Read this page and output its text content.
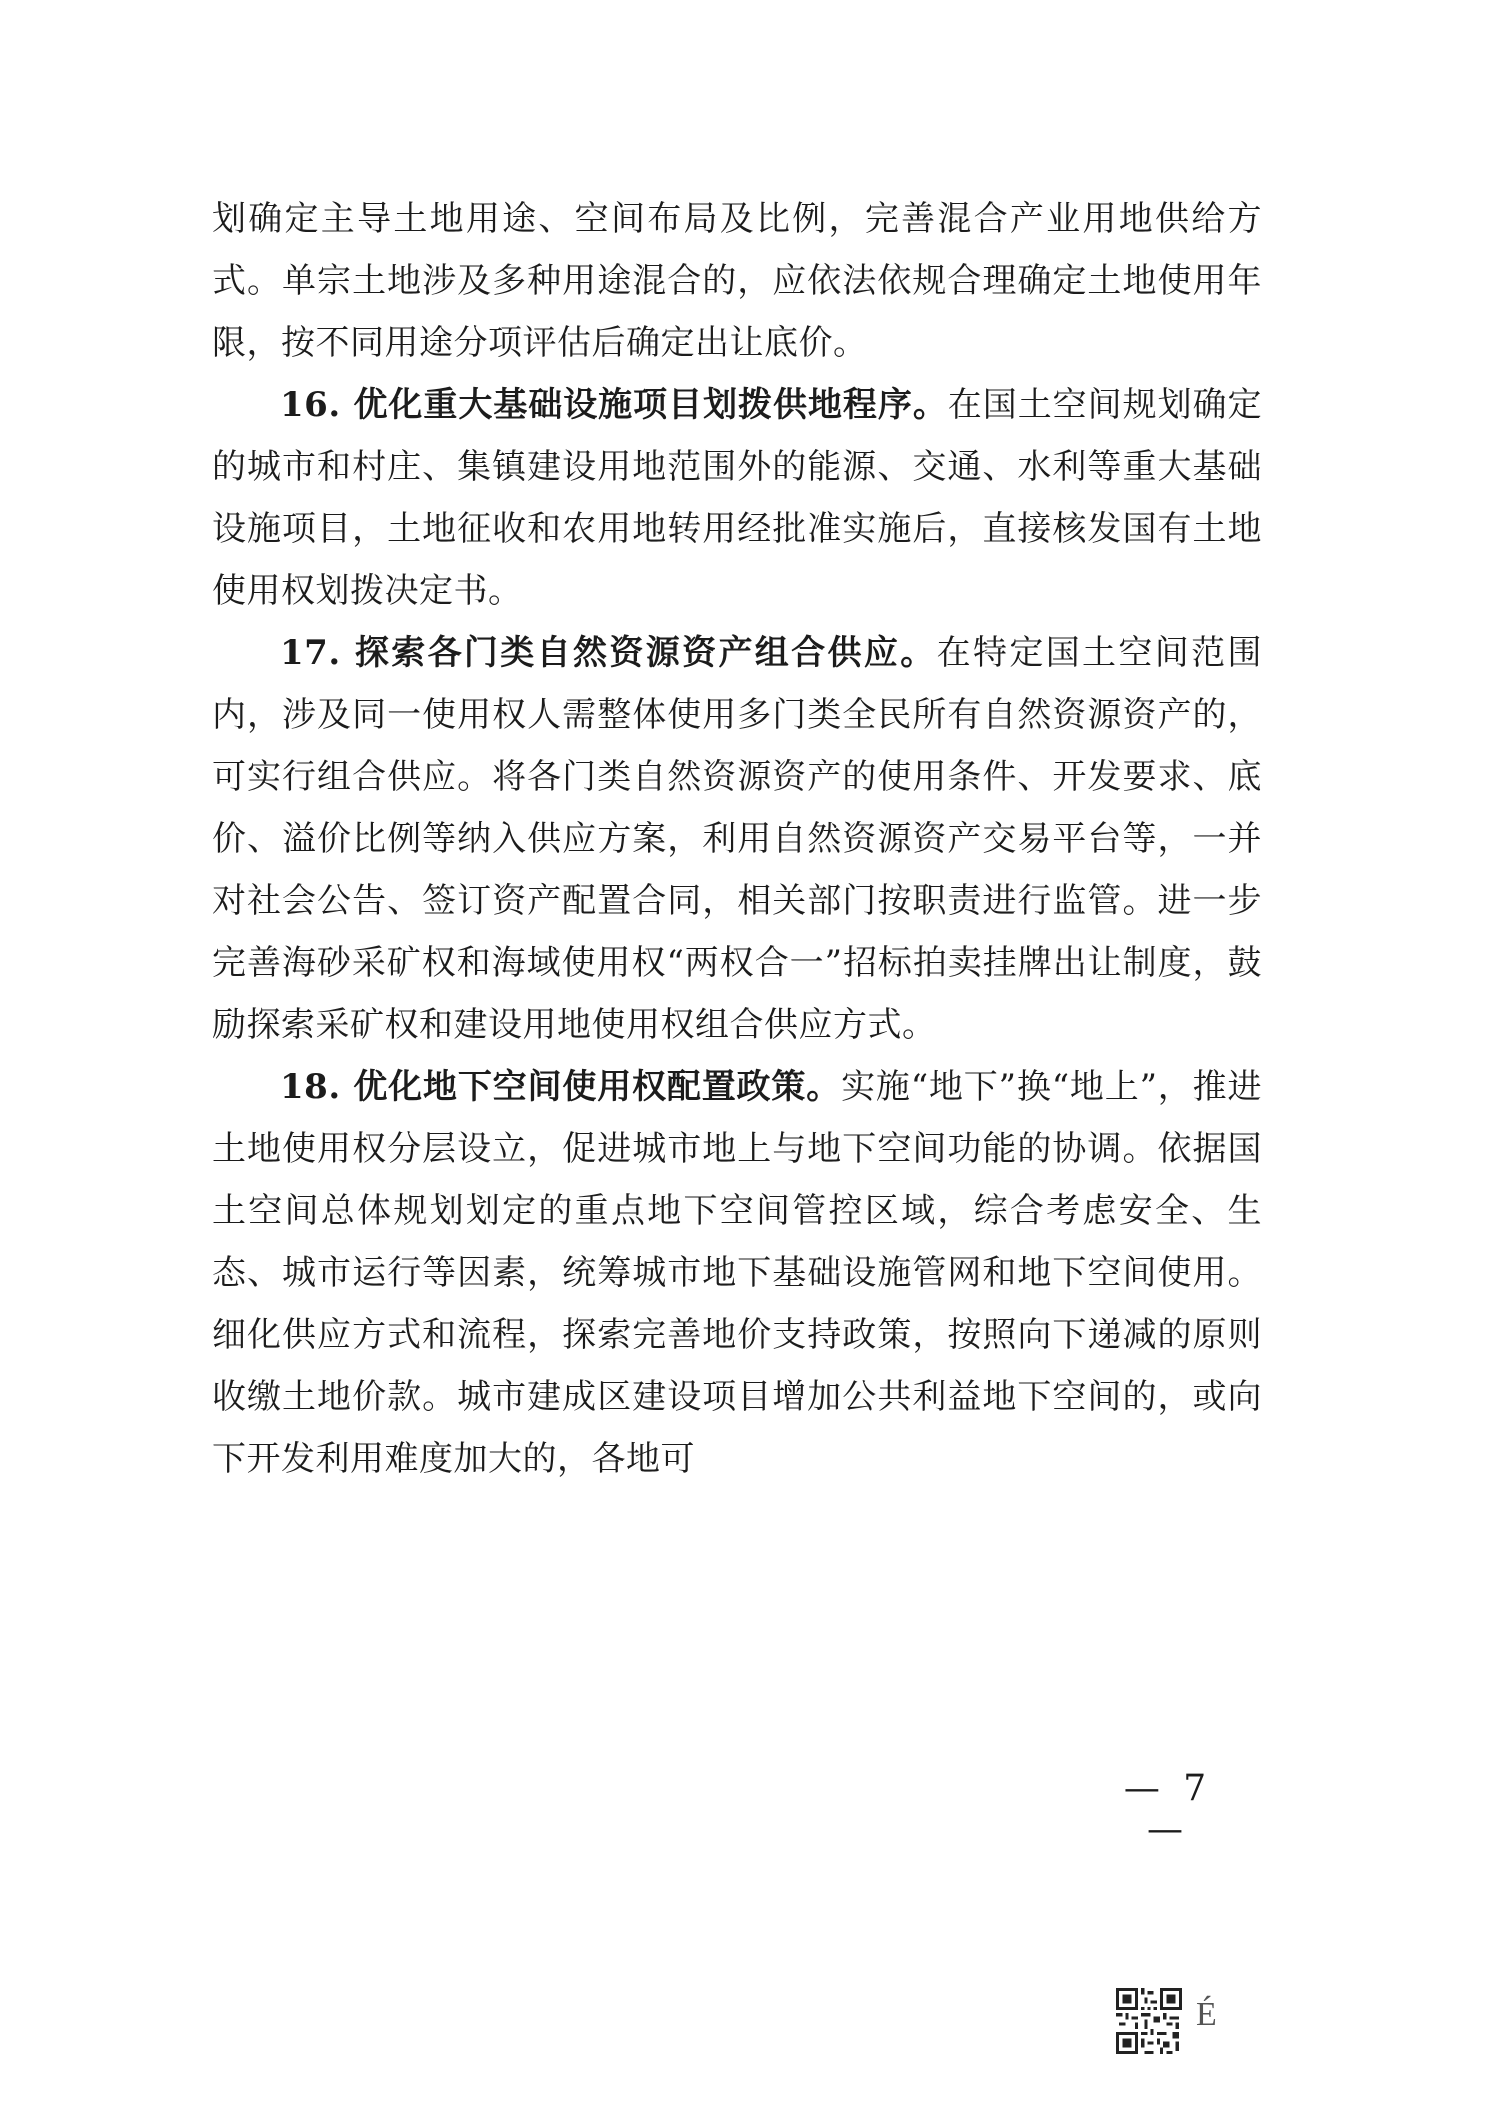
划确定主导土地用途、空间布局及比例，完善混合产业用地供给方式。单宗土地涉及多种用途混合的，应依法依规合理确定土地使用年限，按不同用途分项评估后确定出让底价。

16. 优化重大基础设施项目划拨供地程序。在国土空间规划确定的城市和村庄、集镇建设用地范围外的能源、交通、水利等重大基础设施项目，土地征收和农用地转用经批准实施后，直接核发国有土地使用权划拨决定书。

17. 探索各门类自然资源资产组合供应。在特定国土空间范围内，涉及同一使用权人需整体使用多门类全民所有自然资源资产的，可实行组合供应。将各门类自然资源资产的使用条件、开发要求、底价、溢价比例等纳入供应方案，利用自然资源资产交易平台等，一并对社会公告、签订资产配置合同，相关部门按职责进行监管。进一步完善海砂采矿权和海域使用权“两权合一”招标拍卖挂牌出让制度，鼓励探索采矿权和建设用地使用权组合供应方式。

18. 优化地下空间使用权配置政策。实施“地下”换“地上”，推进土地使用权分层设立，促进城市地上与地下空间功能的协调。依据国土空间总体规划划定的重点地下空间管控区域，综合考虑安全、生态、城市运行等因素，统筹城市地下基础设施管网和地下空间使用。细化供应方式和流程，探索完善地价支持政策，按照向下递减的原则收缴土地价款。城市建成区建设项目增加公共利益地下空间的，或向下开发利用难度加大的，各地可

— 7 —
É
